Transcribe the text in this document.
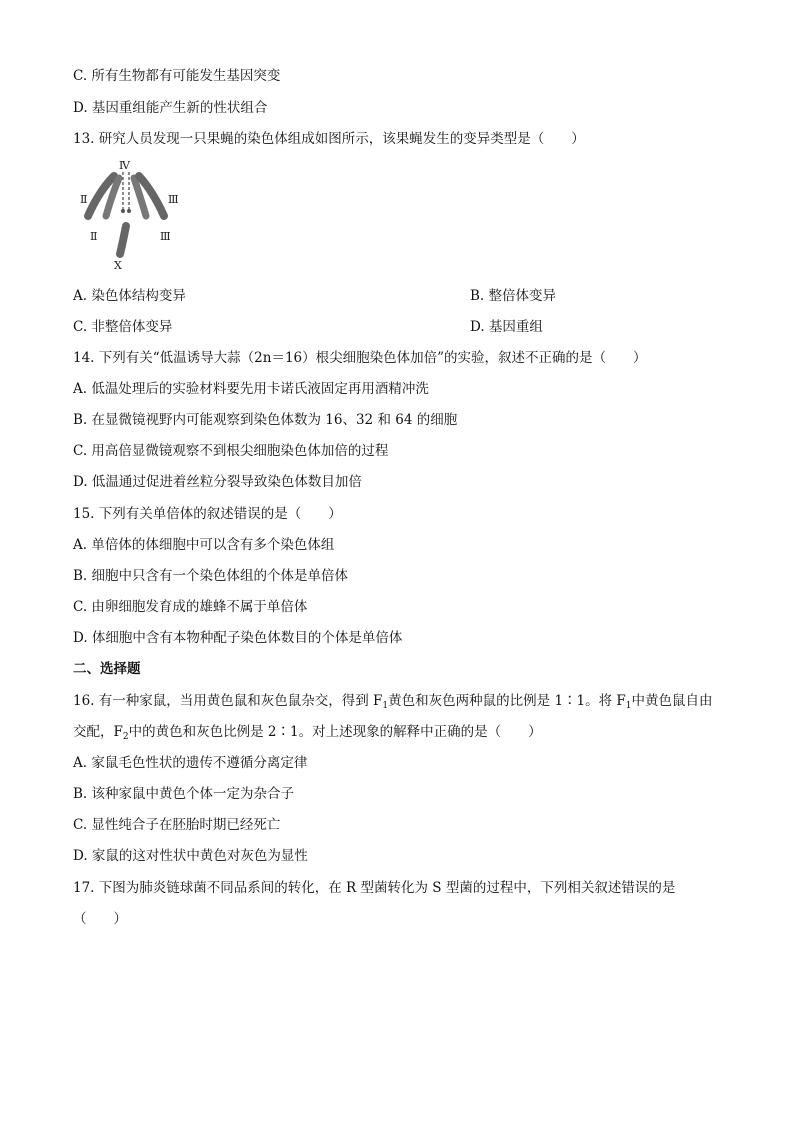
C. 所有生物都有可能发生基因突变
D. 基因重组能产生新的性状组合
13. 研究人员发现一只果蝇的染色体组成如图所示，该果蝇发生的变异类型是（　　）
Ⅳ
Ⅱ
Ⅱ
Ⅲ
Ⅲ
X
A. 染色体结构变异	B. 整倍体变异
C. 非整倍体变异	D. 基因重组
14. 下列有关“低温诱导大蒜（2n＝16）根尖细胞染色体加倍”的实验，叙述不正确的是（　　）
A. 低温处理后的实验材料要先用卡诺氏液固定再用酒精冲洗
B. 在显微镜视野内可能观察到染色体数为 16、32 和 64 的细胞
C. 用高倍显微镜观察不到根尖细胞染色体加倍的过程
D. 低温通过促进着丝粒分裂导致染色体数目加倍
15. 下列有关单倍体的叙述错误的是（　　）
A. 单倍体的体细胞中可以含有多个染色体组
B. 细胞中只含有一个染色体组的个体是单倍体
C. 由卵细胞发育成的雄蜂不属于单倍体
D. 体细胞中含有本物种配子染色体数目的个体是单倍体
二、选择题
16. 有一种家鼠，当用黄色鼠和灰色鼠杂交，得到 $F_1$黄色和灰色两种鼠的比例是 1∶1。将 $F_1$中黄色鼠自由
交配，$F_2$中的黄色和灰色比例是 2∶1。对上述现象的解释中正确的是（　　）
A. 家鼠毛色性状的遗传不遵循分离定律
B. 该种家鼠中黄色个体一定为杂合子
C. 显性纯合子在胚胎时期已经死亡
D. 家鼠的这对性状中黄色对灰色为显性
17. 下图为肺炎链球菌不同品系间的转化，在 R 型菌转化为 S 型菌的过程中，下列相关叙述错误的是
（　　）
